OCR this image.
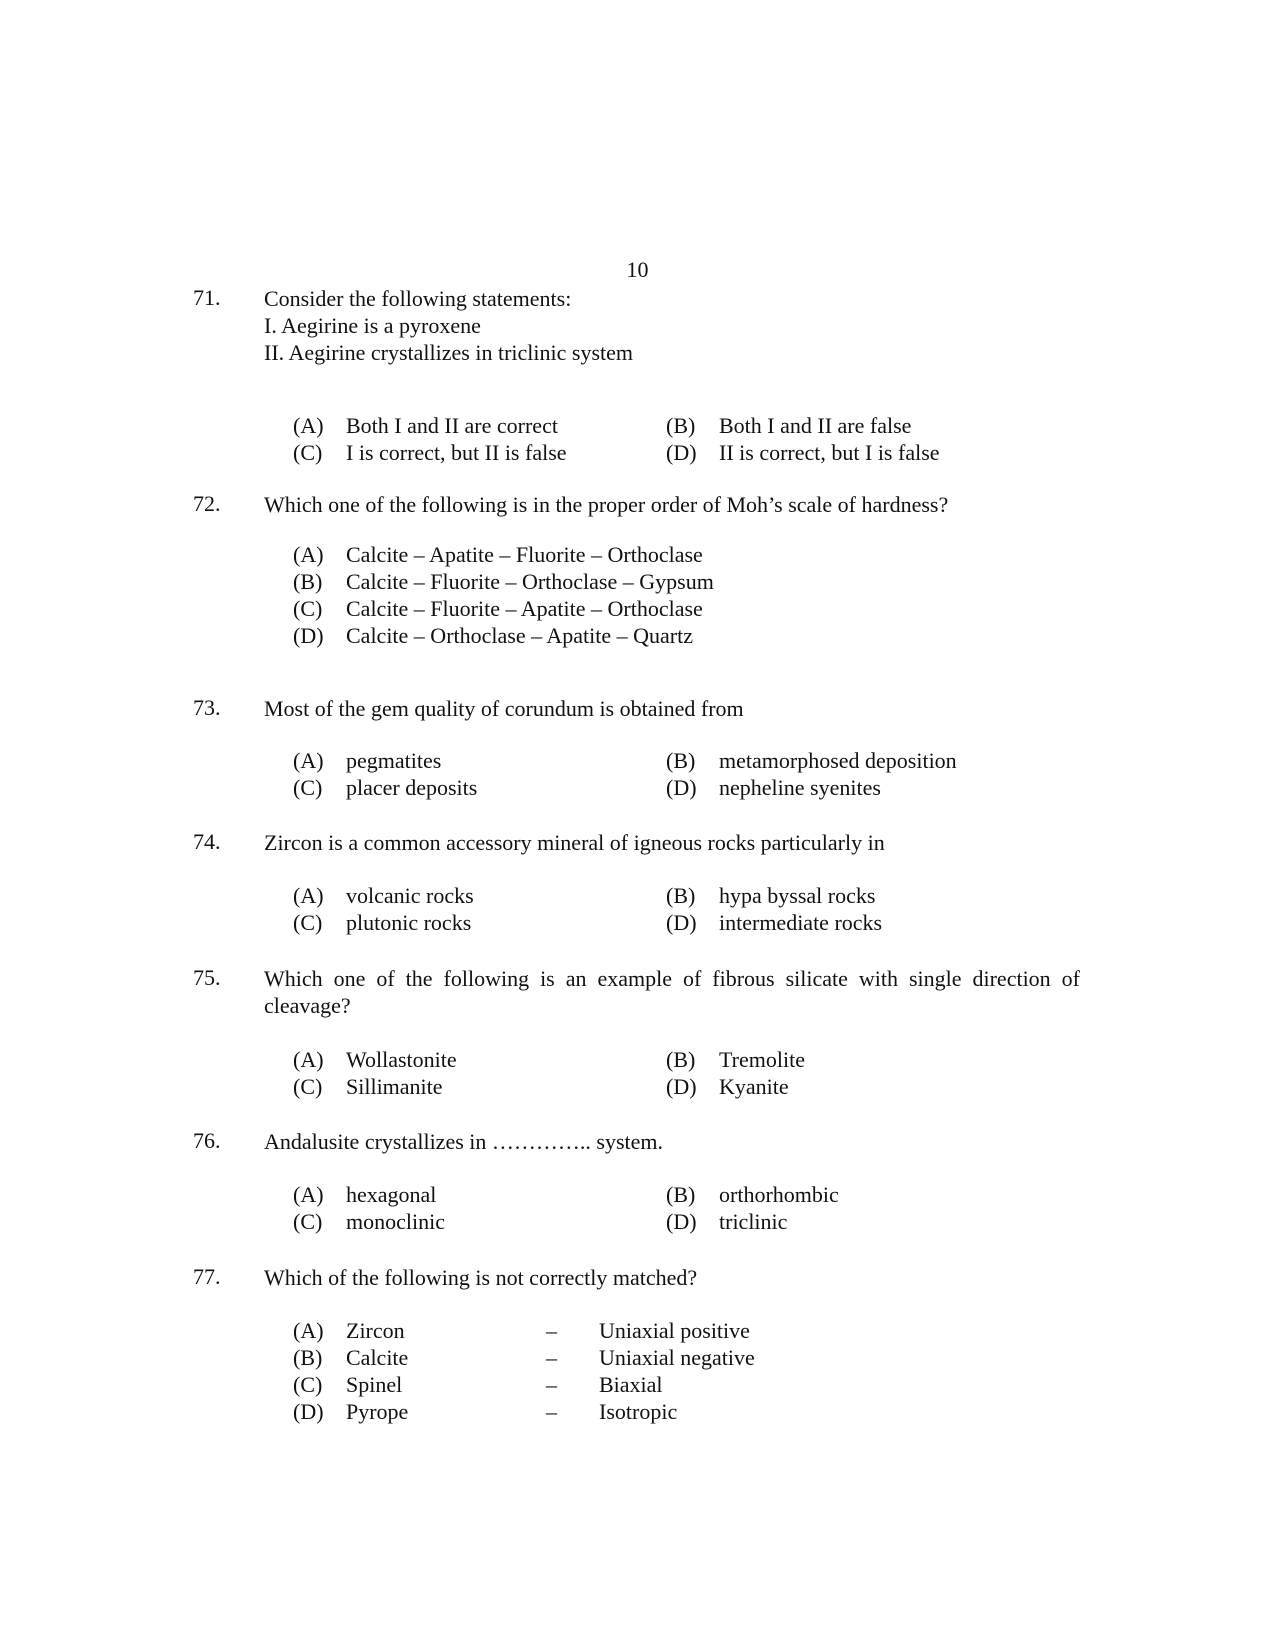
10
71. Consider the following statements:
I. Aegirine is a pyroxene
II. Aegirine crystallizes in triclinic system
(A) Both I and II are correct	(B) Both I and II are false
(C) I is correct, but II is false	(D) II is correct, but I is false
72. Which one of the following is in the proper order of Moh’s scale of hardness?
(A) Calcite – Apatite – Fluorite – Orthoclase
(B) Calcite – Fluorite – Orthoclase – Gypsum
(C) Calcite – Fluorite – Apatite – Orthoclase
(D) Calcite – Orthoclase – Apatite – Quartz
73. Most of the gem quality of corundum is obtained from
(A) pegmatites	(B) metamorphosed deposition
(C) placer deposits	(D) nepheline syenites
74. Zircon is a common accessory mineral of igneous rocks particularly in
(A) volcanic rocks	(B) hypa byssal rocks
(C) plutonic rocks	(D) intermediate rocks
75. Which one of the following is an example of fibrous silicate with single direction of cleavage?
(A) Wollastonite	(B) Tremolite
(C) Sillimanite	(D) Kyanite
76. Andalusite crystallizes in ………….. system.
(A) hexagonal	(B) orthorhombic
(C) monoclinic	(D) triclinic
77. Which of the following is not correctly matched?
(A) Zircon	– Uniaxial positive
(B) Calcite	– Uniaxial negative
(C) Spinel	– Biaxial
(D) Pyrope	– Isotropic
